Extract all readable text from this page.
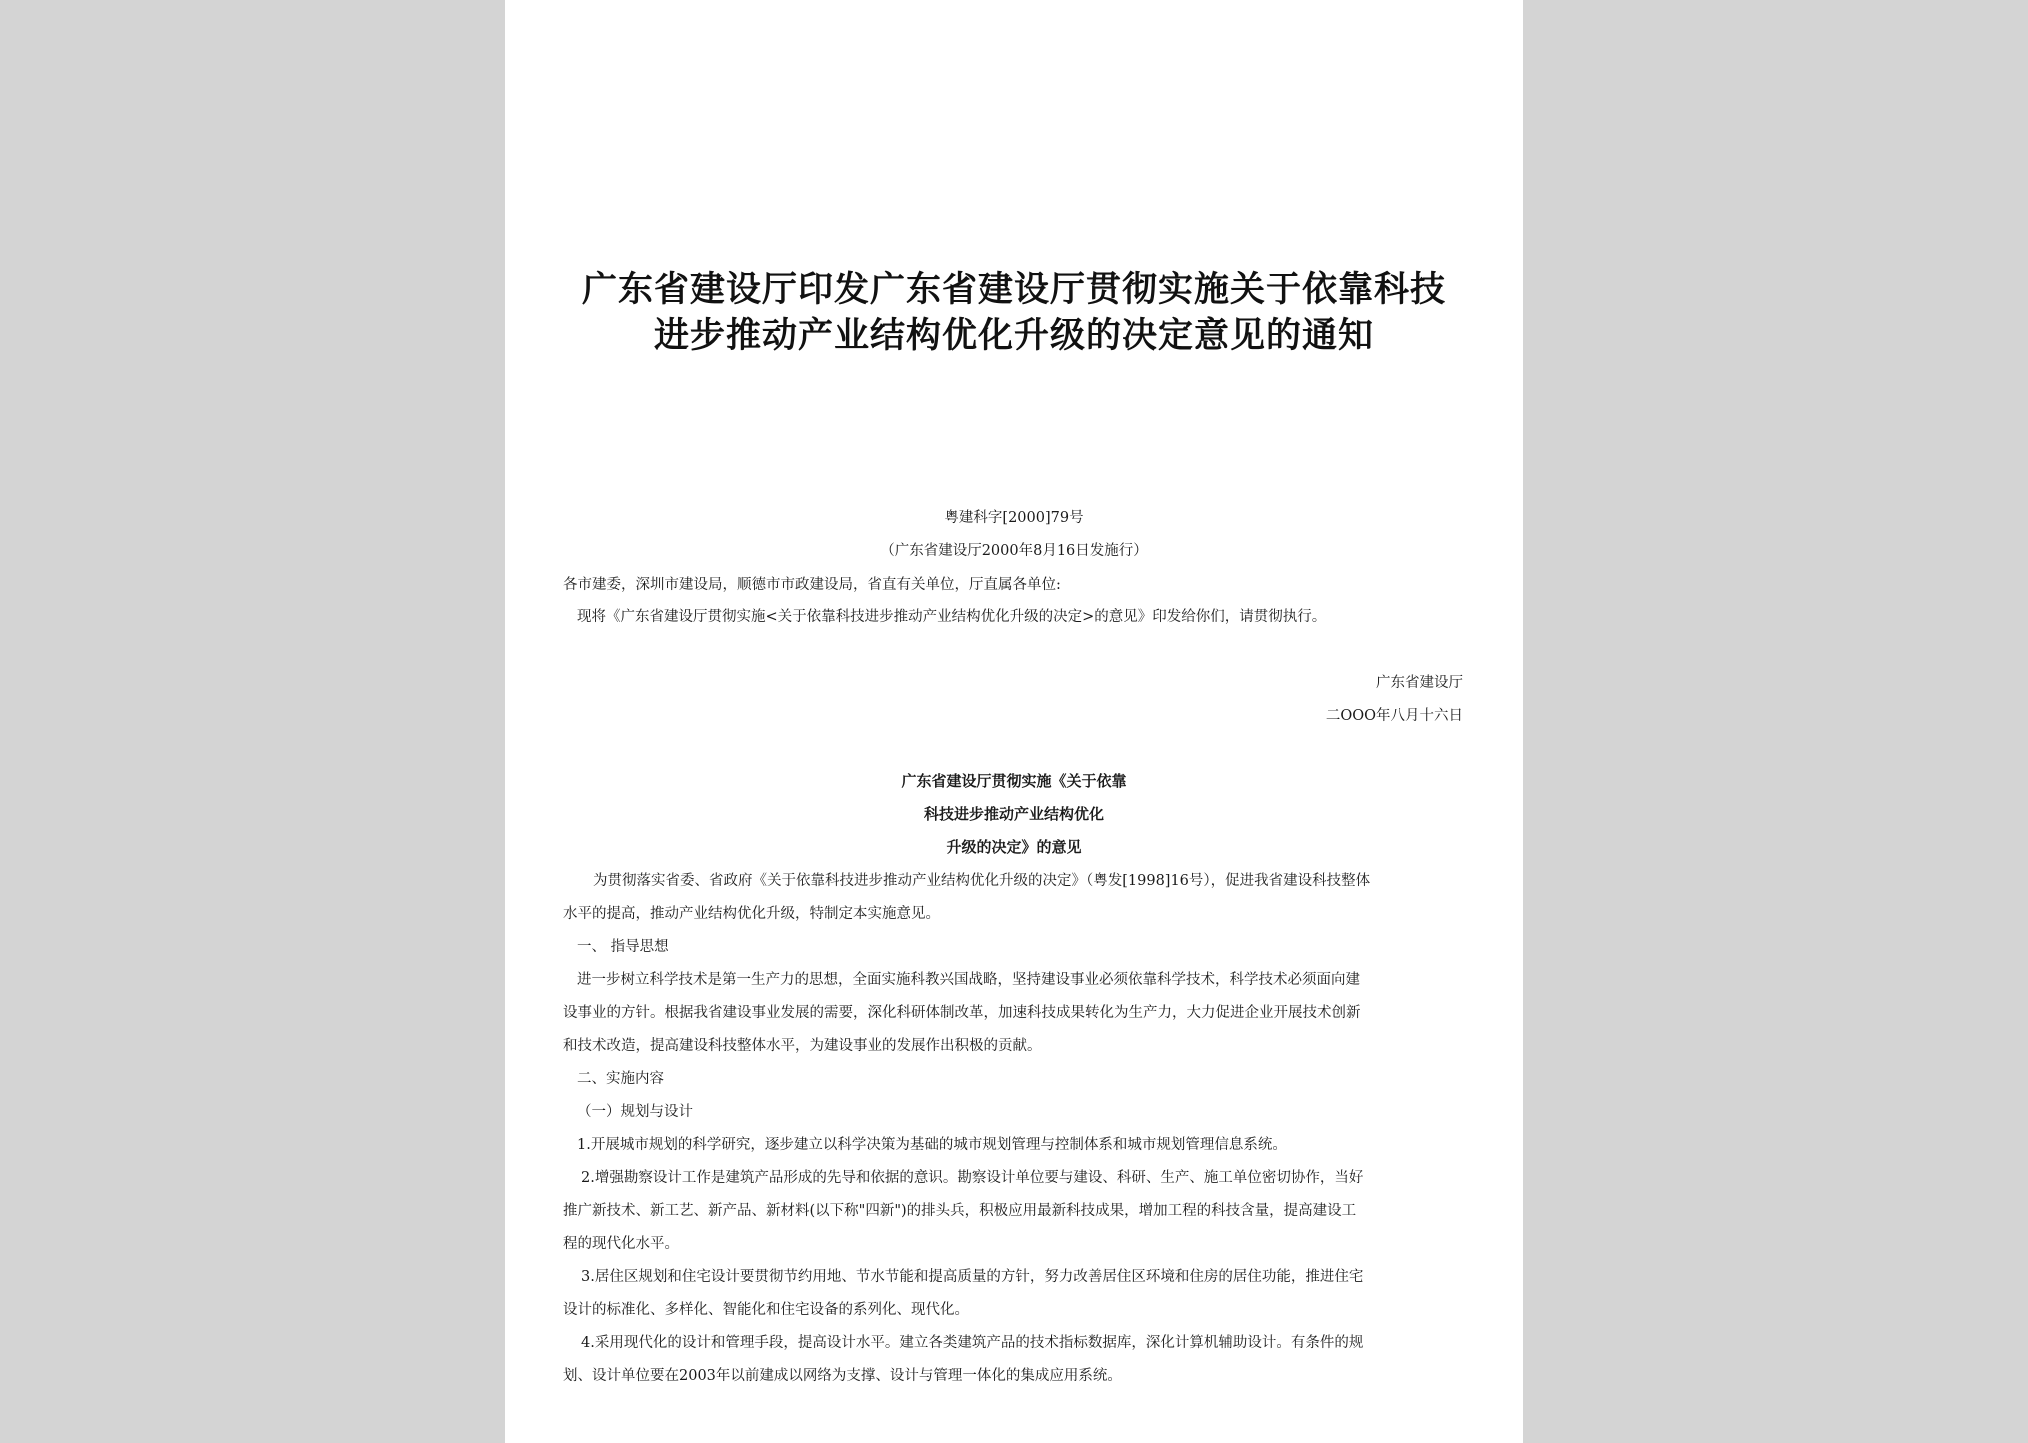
广东省建设厅印发广东省建设厅贯彻实施关于依靠科技
进步推动产业结构优化升级的决定意见的通知
粤建科字[2000]79号
（广东省建设厅2000年8月16日发施行）
各市建委，深圳市建设局，顺德市市政建设局，省直有关单位，厅直属各单位:
现将《广东省建设厅贯彻实施<关于依靠科技进步推动产业结构优化升级的决定>的意见》印发给你们，请贯彻执行。
广东省建设厅
二OOO年八月十六日
广东省建设厅贯彻实施《关于依靠
科技进步推动产业结构优化
升级的决定》的意见
为贯彻落实省委、省政府《关于依靠科技进步推动产业结构优化升级的决定》（粤发[1998]16号），促进我省建设科技整体
水平的提高，推动产业结构优化升级，特制定本实施意见。
一、 指导思想
进一步树立科学技术是第一生产力的思想，全面实施科教兴国战略，坚持建设事业必须依靠科学技术，科学技术必须面向建
设事业的方针。根据我省建设事业发展的需要，深化科研体制改革，加速科技成果转化为生产力，大力促进企业开展技术创新
和技术改造，提高建设科技整体水平，为建设事业的发展作出积极的贡献。
二、实施内容
（一）规划与设计
1.开展城市规划的科学研究，逐步建立以科学决策为基础的城市规划管理与控制体系和城市规划管理信息系统。
2.增强勘察设计工作是建筑产品形成的先导和依据的意识。勘察设计单位要与建设、科研、生产、施工单位密切协作，当好
推广新技术、新工艺、新产品、新材料(以下称"四新")的排头兵，积极应用最新科技成果，增加工程的科技含量，提高建设工
程的现代化水平。
3.居住区规划和住宅设计要贯彻节约用地、节水节能和提高质量的方针，努力改善居住区环境和住房的居住功能，推进住宅
设计的标准化、多样化、智能化和住宅设备的系列化、现代化。
4.采用现代化的设计和管理手段，提高设计水平。建立各类建筑产品的技术指标数据库，深化计算机辅助设计。有条件的规
划、设计单位要在2003年以前建成以网络为支撑、设计与管理一体化的集成应用系统。
